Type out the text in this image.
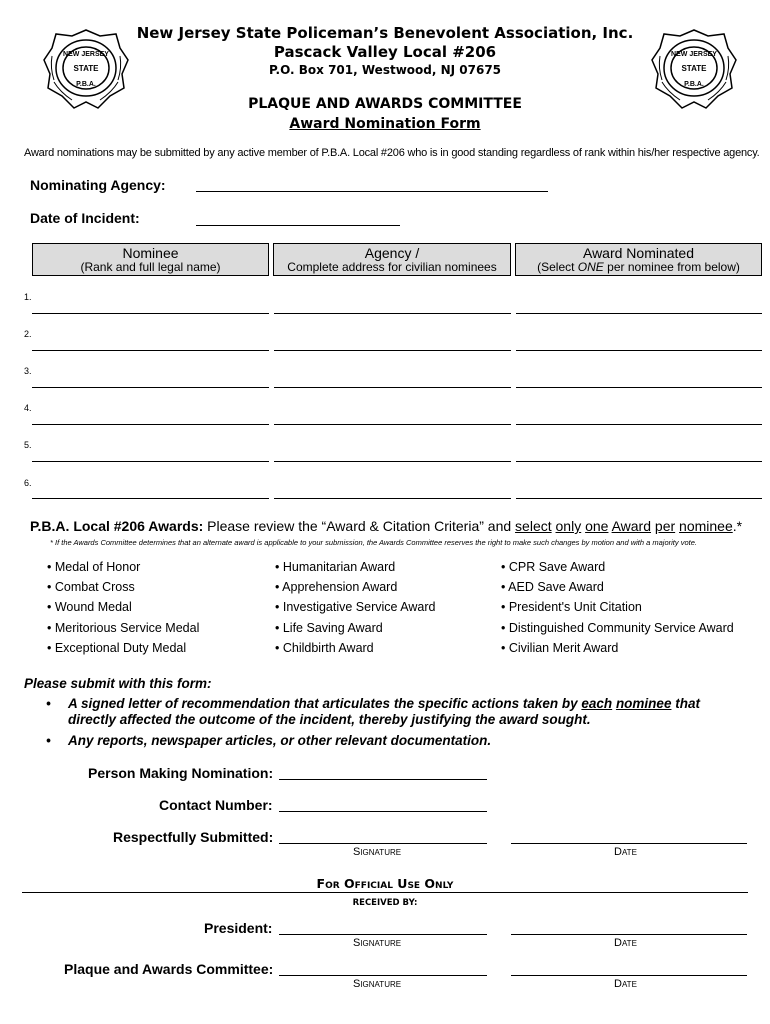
NEW JERSEY
STATE
P.B.A.
NEW JERSEY
STATE
P.B.A.
New Jersey State Policeman’s Benevolent Association, Inc.
Pascack Valley Local #206
P.O. Box 701, Westwood, NJ 07675
PLAQUE AND AWARDS COMMITTEE
Award Nomination Form
Award nominations may be submitted by any active member of P.B.A. Local #206 who is in good standing regardless of rank within his/her respective agency.
Nominating Agency:
Date of Incident:
Nominee
(Rank and full legal name)
Agency /
Complete address for civilian nominees
Award Nominated
(Select ONE per nominee from below)
1.
2.
3.
4.
5.
6.
P.B.A. Local #206 Awards: Please review the “Award & Citation Criteria” and select only one Award per nominee.*
* If the Awards Committee determines that an alternate award is applicable to your submission, the Awards Committee reserves the right to make such changes by motion and with a majority vote.
• Medal of Honor
• Combat Cross
• Wound Medal
• Meritorious Service Medal
• Exceptional Duty Medal
• Humanitarian Award
• Apprehension Award
• Investigative Service Award
• Life Saving Award
• Childbirth Award
• CPR Save Award
• AED Save Award
• President's Unit Citation
• Distinguished Community Service Award
• Civilian Merit Award
Please submit with this form:
• A signed letter of recommendation that articulates the specific actions taken by each nominee that
directly affected the outcome of the incident, thereby justifying the award sought.
• Any reports, newspaper articles, or other relevant documentation.
Person Making Nomination:
Contact Number:
Respectfully Submitted:
Signature	Date
For Official Use Only
RECEIVED BY:
President:
Signature	Date
Plaque and Awards Committee:
Signature	Date
